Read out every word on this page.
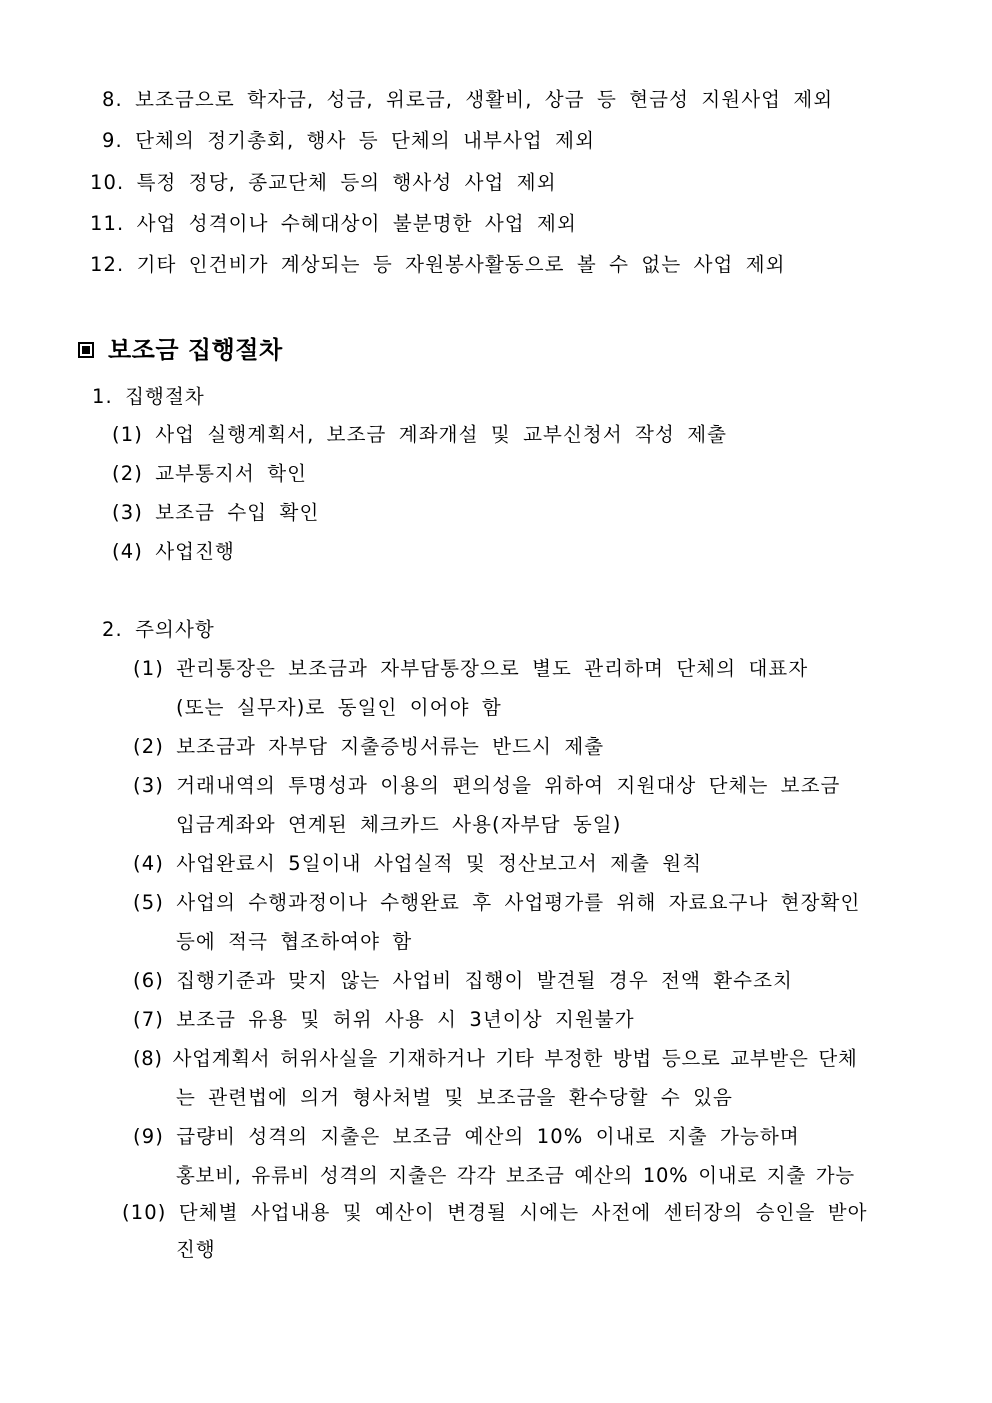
8. 보조금으로 학자금, 성금, 위로금, 생활비, 상금 등 현금성 지원사업 제외
9. 단체의 정기총회, 행사 등 단체의 내부사업 제외
10. 특정 정당, 종교단체 등의 행사성 사업 제외
11. 사업 성격이나 수혜대상이 불분명한 사업 제외
12. 기타 인건비가 계상되는 등 자원봉사활동으로 볼 수 없는 사업 제외
보조금 집행절차
1. 집행절차
(1) 사업 실행계획서, 보조금 계좌개설 및 교부신청서 작성 제출
(2) 교부통지서 학인
(3) 보조금 수입 확인
(4) 사업진행
2. 주의사항
(1) 관리통장은 보조금과 자부담통장으로 별도 관리하며 단체의 대표자
(또는 실무자)로 동일인 이어야 함
(2) 보조금과 자부담 지출증빙서류는 반드시 제출
(3) 거래내역의 투명성과 이용의 편의성을 위하여 지원대상 단체는 보조금
입금계좌와 연계된 체크카드 사용(자부담 동일)
(4) 사업완료시 5일이내 사업실적 및 정산보고서 제출 원칙
(5) 사업의 수행과정이나 수행완료 후 사업평가를 위해 자료요구나 현장확인
등에 적극 협조하여야 함
(6) 집행기준과 맞지 않는 사업비 집행이 발견될 경우 전액 환수조치
(7) 보조금 유용 및 허위 사용 시 3년이상 지원불가
(8) 사업계획서 허위사실을 기재하거나 기타 부정한 방법 등으로 교부받은 단체
는 관련법에 의거 형사처벌 및 보조금을 환수당할 수 있음
(9) 급량비 성격의 지출은 보조금 예산의 10% 이내로 지출 가능하며
홍보비, 유류비 성격의 지출은 각각 보조금 예산의 10% 이내로 지출 가능
(10) 단체별 사업내용 및 예산이 변경될 시에는 사전에 센터장의 승인을 받아
진행
